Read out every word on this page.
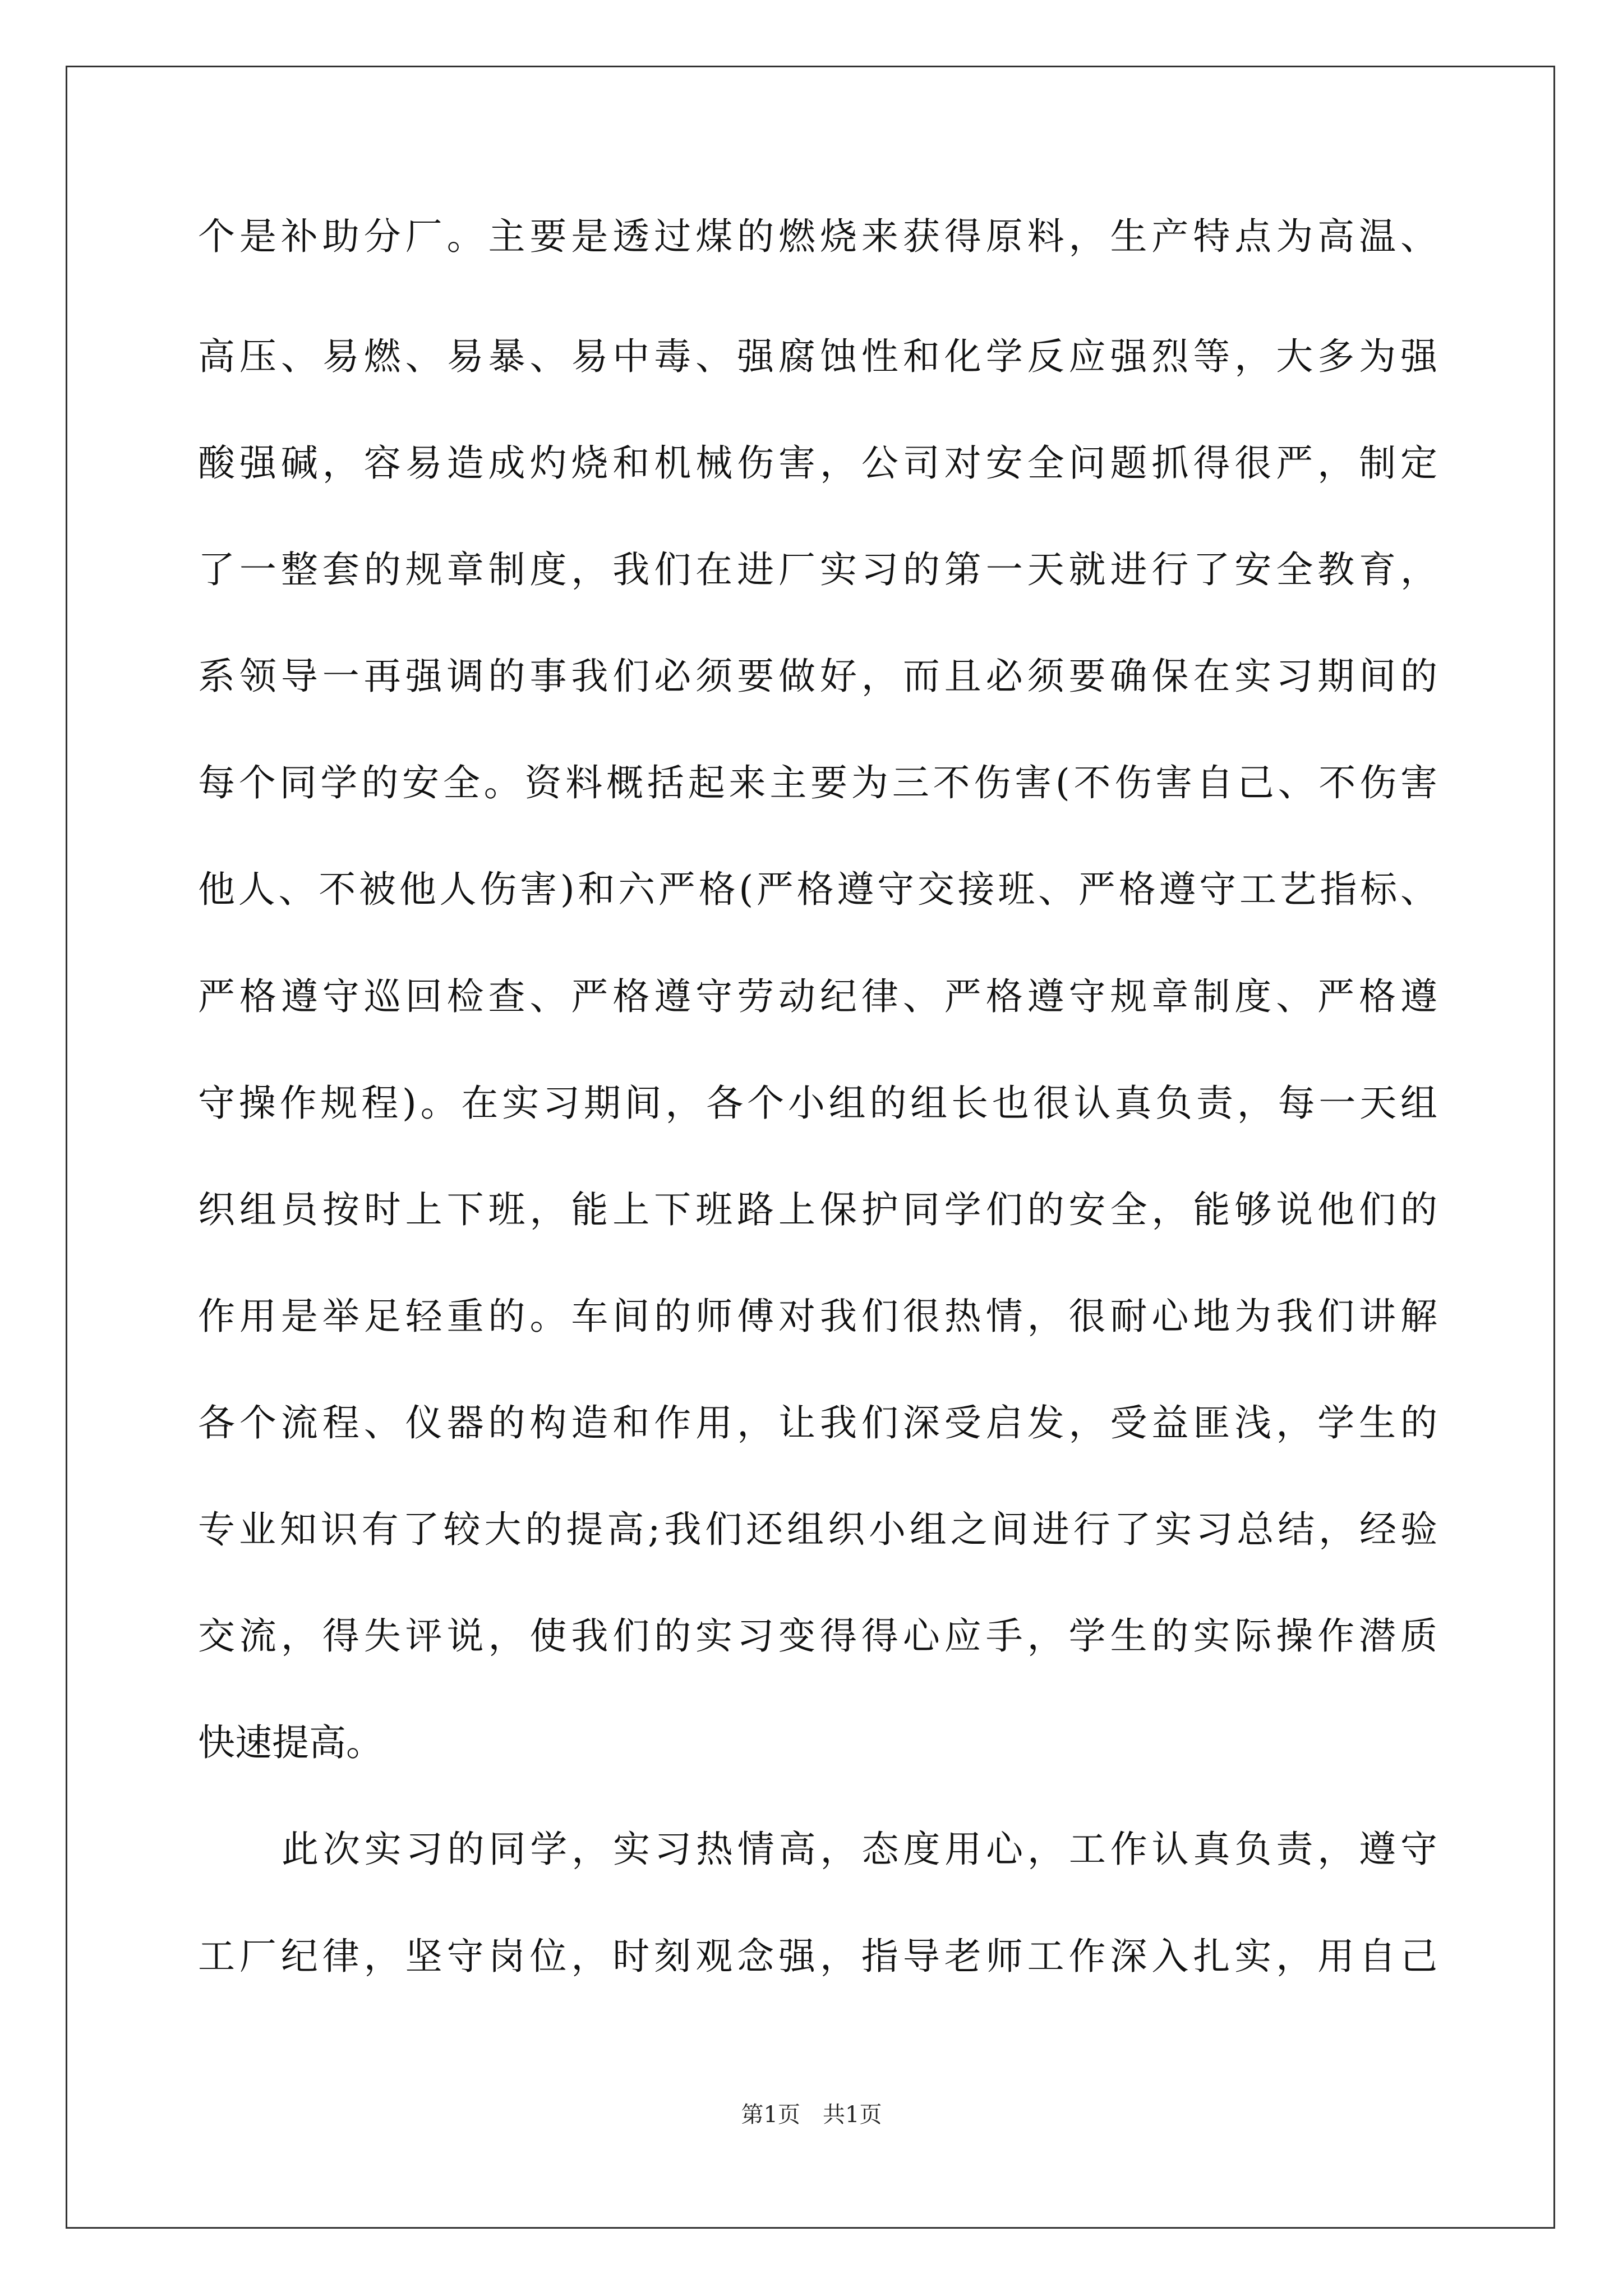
个是补助分厂。主要是透过煤的燃烧来获得原料，生产特点为高温、
高压、易燃、易暴、易中毒、强腐蚀性和化学反应强烈等，大多为强
酸强碱，容易造成灼烧和机械伤害，公司对安全问题抓得很严，制定
了一整套的规章制度，我们在进厂实习的第一天就进行了安全教育，
系领导一再强调的事我们必须要做好，而且必须要确保在实习期间的
每个同学的安全。资料概括起来主要为三不伤害(不伤害自己、不伤害
他人、不被他人伤害)和六严格(严格遵守交接班、严格遵守工艺指标、
严格遵守巡回检查、严格遵守劳动纪律、严格遵守规章制度、严格遵
守操作规程)。在实习期间，各个小组的组长也很认真负责，每一天组
织组员按时上下班，能上下班路上保护同学们的安全，能够说他们的
作用是举足轻重的。车间的师傅对我们很热情，很耐心地为我们讲解
各个流程、仪器的构造和作用，让我们深受启发，受益匪浅，学生的
专业知识有了较大的提高;我们还组织小组之间进行了实习总结，经验
交流，得失评说，使我们的实习变得得心应手，学生的实际操作潜质
快速提高。
此次实习的同学，实习热情高，态度用心，工作认真负责，遵守
工厂纪律，坚守岗位，时刻观念强，指导老师工作深入扎实，用自己
第1页　共1页
